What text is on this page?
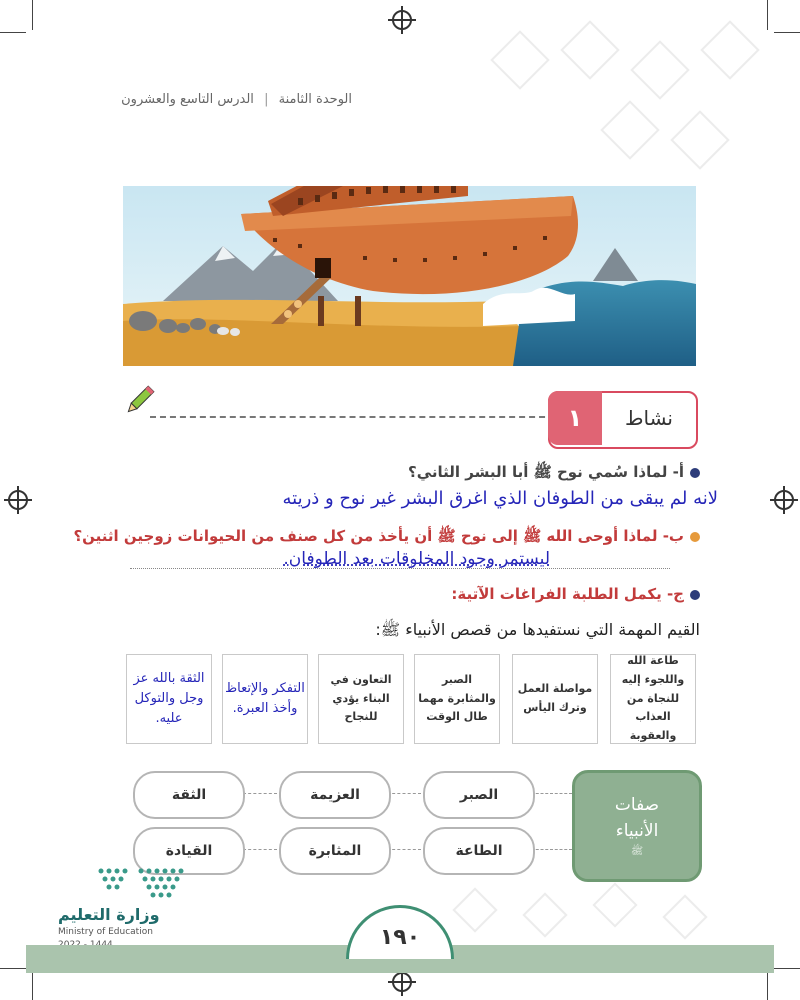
الوحدة الثامنة | الدرس التاسع والعشرون
١	نشاط
أ- لماذا سُمي نوح ﷺ أبا البشر الثاني؟
لانه لم يبقى من الطوفان الذي اغرق البشر غير نوح و ذريته
ب- لماذا أوحى الله ﷺ إلى نوح ﷺ أن يأخذ من كل صنف من الحيوانات زوجين اثنين؟
ليستمر وجود المخلوقات بعد الطوفان.
ج- يكمل الطلبة الفراغات الآتية:
القيم المهمة التي نستفيدها من قصص الأنبياء ﷺ:
طاعة الله واللجوء إليه للنجاة من العذاب والعقوبة
مواصلة العمل وترك اليأس
الصبر والمثابرة مهما طال الوقت
التعاون في البناء يؤدي للنجاح
التفكر والإتعاظ وأخذ العبرة.
الثقة بالله عز وجل والتوكل عليه.
الصبر
العزيمة
الثقة
الطاعة
المثابرة
القيادة
صفات
الأنبياء
ﷺ
وزارة التعليم
Ministry of Education	١٩٠
